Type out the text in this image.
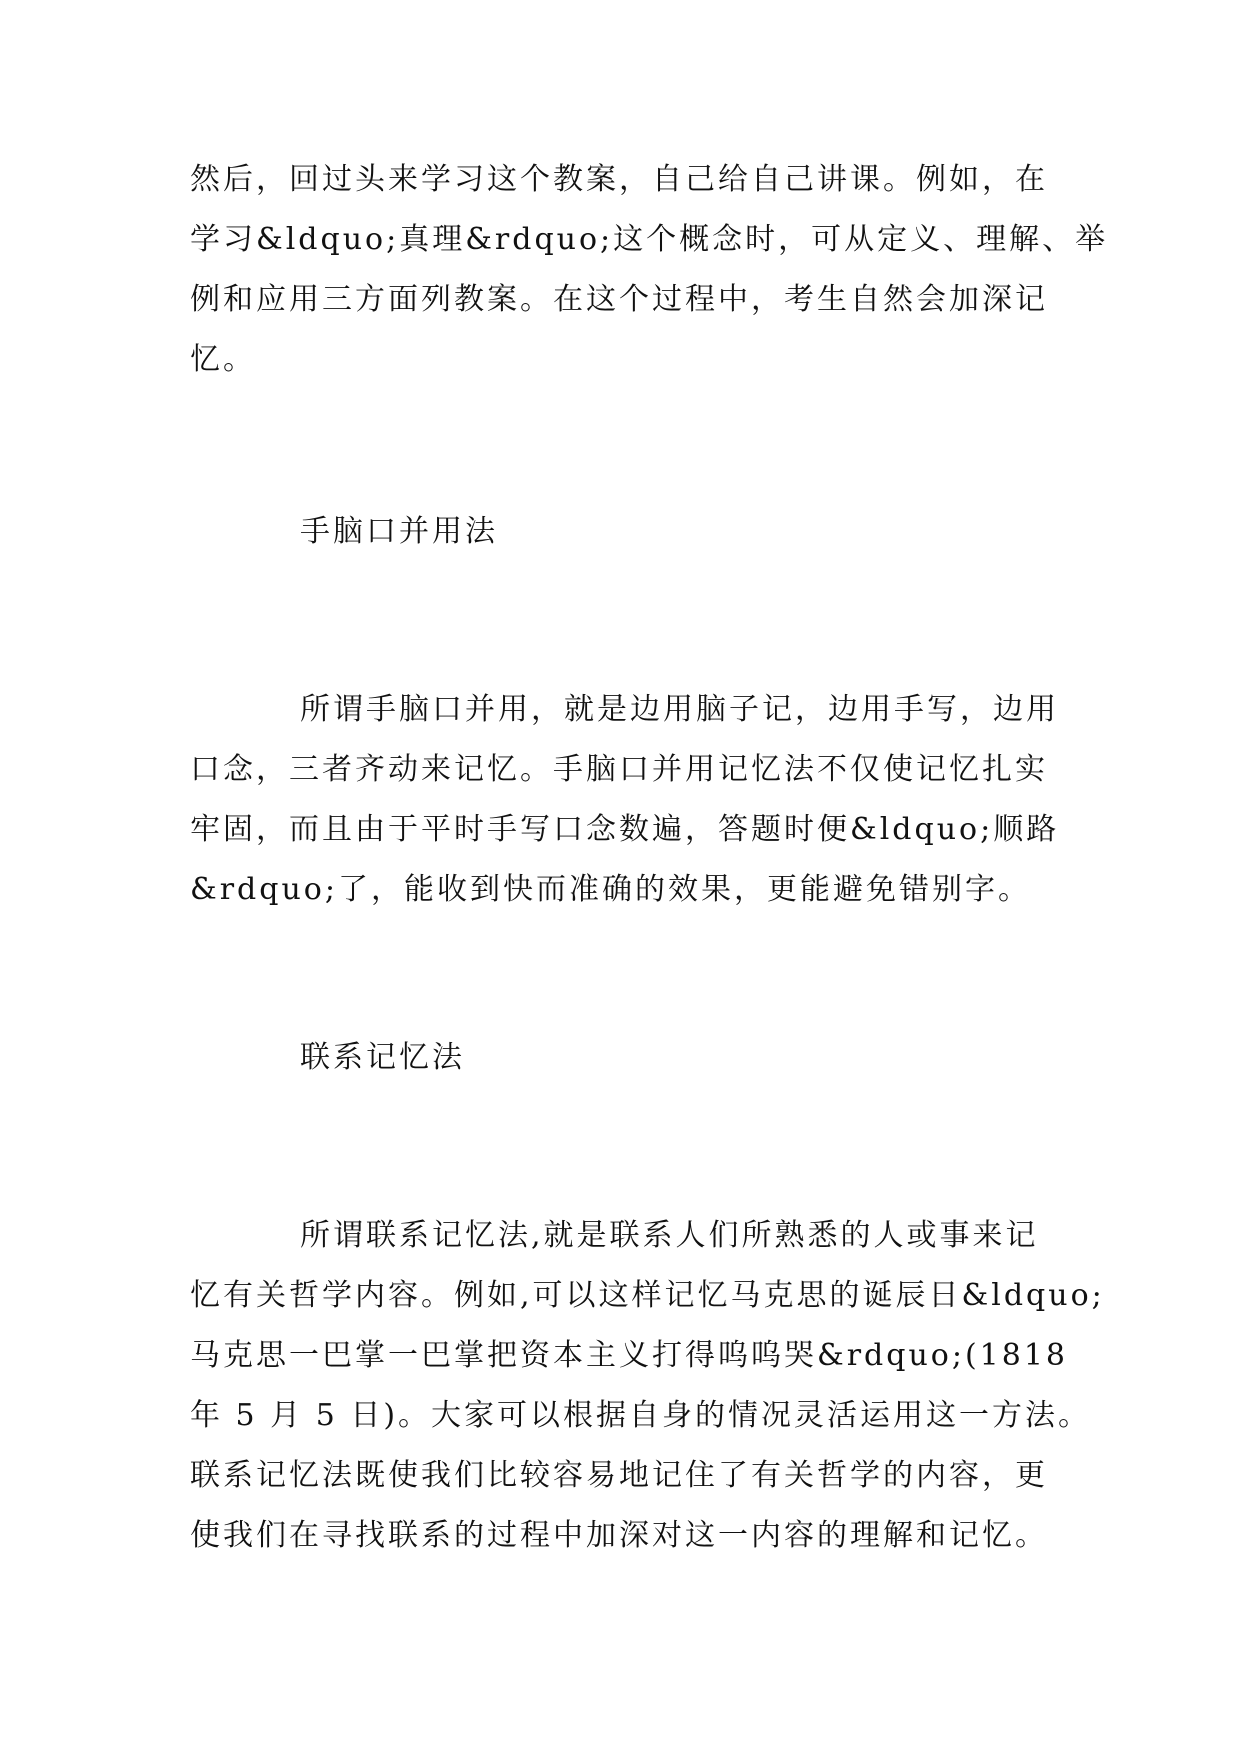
然后，回过头来学习这个教案，自己给自己讲课。例如，在
学习&ldquo;真理&rdquo;这个概念时，可从定义、理解、举
例和应用三方面列教案。在这个过程中，考生自然会加深记
忆。
手脑口并用法
所谓手脑口并用，就是边用脑子记，边用手写，边用
口念，三者齐动来记忆。手脑口并用记忆法不仅使记忆扎实
牢固，而且由于平时手写口念数遍，答题时便&ldquo;顺路
&rdquo;了，能收到快而准确的效果，更能避免错别字。
联系记忆法
所谓联系记忆法,就是联系人们所熟悉的人或事来记
忆有关哲学内容。例如,可以这样记忆马克思的诞辰日&ldquo;
马克思一巴掌一巴掌把资本主义打得呜呜哭&rdquo;(1818
年 5 月 5 日)。大家可以根据自身的情况灵活运用这一方法。
联系记忆法既使我们比较容易地记住了有关哲学的内容，更
使我们在寻找联系的过程中加深对这一内容的理解和记忆。
